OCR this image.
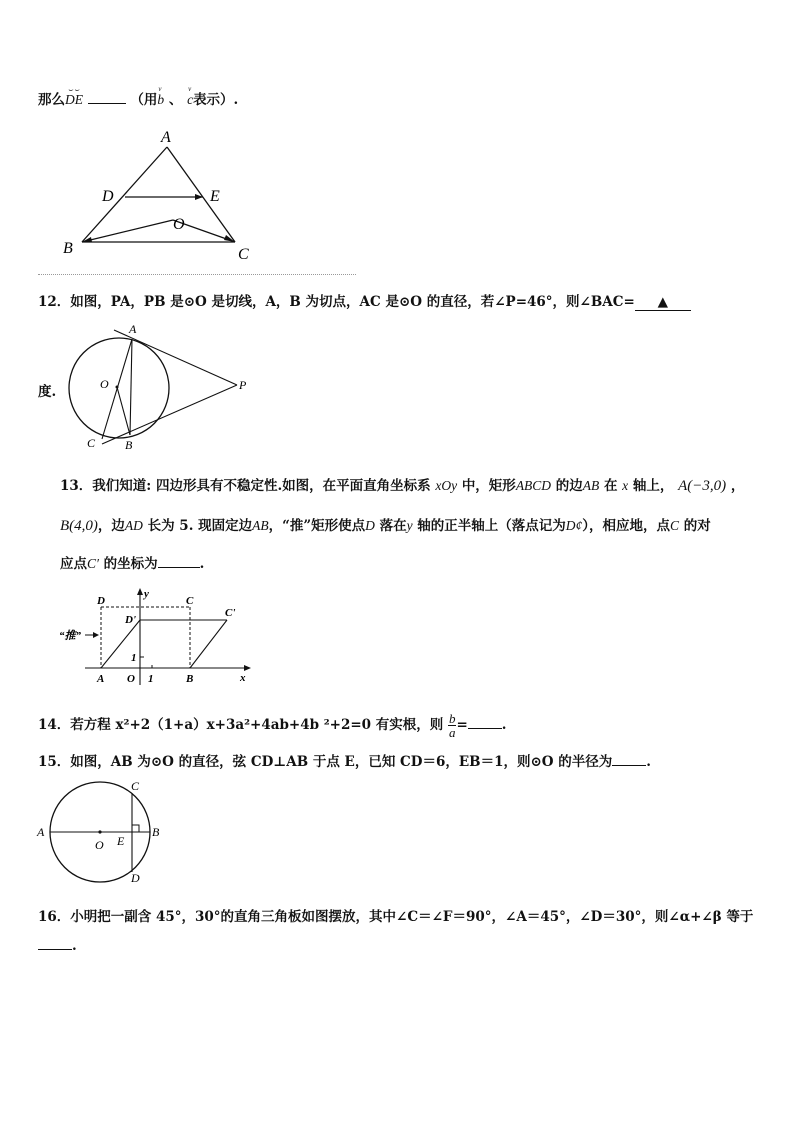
那么
⌣⌣
DE	（用
v
b 、
v
c表示）.
A
D	E
O
B	C
12．如图，PA，PB 是⊙O 是切线，A，B 为切点，AC 是⊙O 的直径，若∠P=46°，则∠BAC= ▲
度.
A
O
C B
P
13．我们知道: 四边形具有不稳定性.如图，在平面直角坐标系 xOy 中，矩形ABCD 的边AB 在 x 轴上， A(−3,0) ，
B(4,0)，边AD 长为 5. 现固定边AB，“推”矩形使点D 落在y 轴的正半轴上（落点记为D¢），相应地，点C 的对
应点C′ 的坐标为	.
D	C
D'
C'
“推”
A O 1	B	x
y
1
14．若方程 x²+2（1+a）x+3a²+4ab+4b ²+2=0 有实根，则 $\frac{b}{a}$ =	.
15．如图，AB 为⊙O 的直径，弦 CD⊥AB 于点 E，已知 CD＝6，EB＝1，则⊙O 的半径为	.
A	B
C
D
E
O
16．小明把一副含 45°，30°的直角三角板如图摆放，其中∠C＝∠F＝90°，∠A＝45°，∠D＝30°，则∠α+∠β 等于
.
